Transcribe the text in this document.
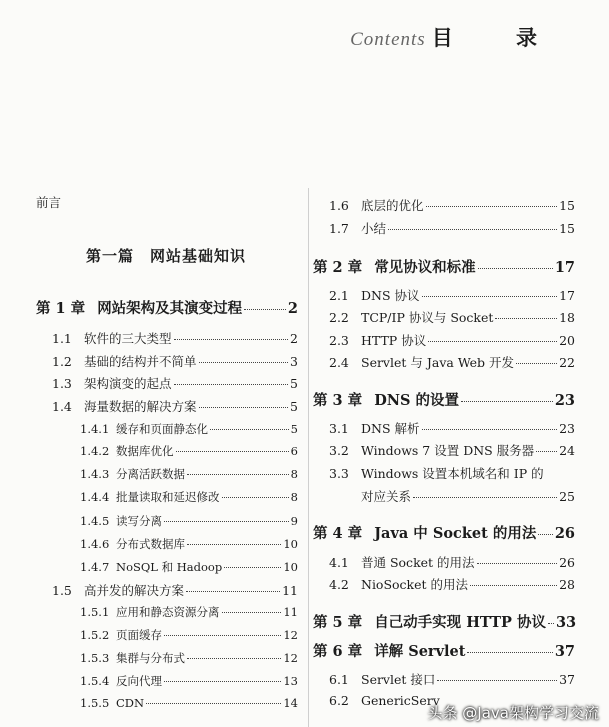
Contents 目 录
前言
第一篇　网站基础知识
第 1 章 网站架构及其演变过程	2
1.1 软件的三大类型	2
1.2 基础的结构并不简单	3
1.3 架构演变的起点	5
1.4 海量数据的解决方案	5
1.4.1 缓存和页面静态化	5
1.4.2 数据库优化	6
1.4.3 分离活跃数据	8
1.4.4 批量读取和延迟修改	8
1.4.5 读写分离	9
1.4.6 分布式数据库	10
1.4.7 NoSQL 和 Hadoop	10
1.5 高并发的解决方案	11
1.5.1 应用和静态资源分离	11
1.5.2 页面缓存	12
1.5.3 集群与分布式	12
1.5.4 反向代理	13
1.5.5 CDN	14
1.6 底层的优化	15
1.7 小结	15
第 2 章 常见协议和标准	17
2.1 DNS 协议	17
2.2 TCP/IP 协议与 Socket	18
2.3 HTTP 协议	20
2.4 Servlet 与 Java Web 开发	22
第 3 章 DNS 的设置	23
3.1 DNS 解析	23
3.2 Windows 7 设置 DNS 服务器 24
3.3 Windows 设置本机域名和 IP 的
对应关系	25
第 4 章 Java 中 Socket 的用法 26
4.1 普通 Socket 的用法	26
4.2 NioSocket 的用法	28
第 5 章 自己动手实现 HTTP 协议 33
第 6 章 详解 Servlet	37
6.1 Servlet 接口	37
6.2 GenericServ
头条 @Java架构学习交流
